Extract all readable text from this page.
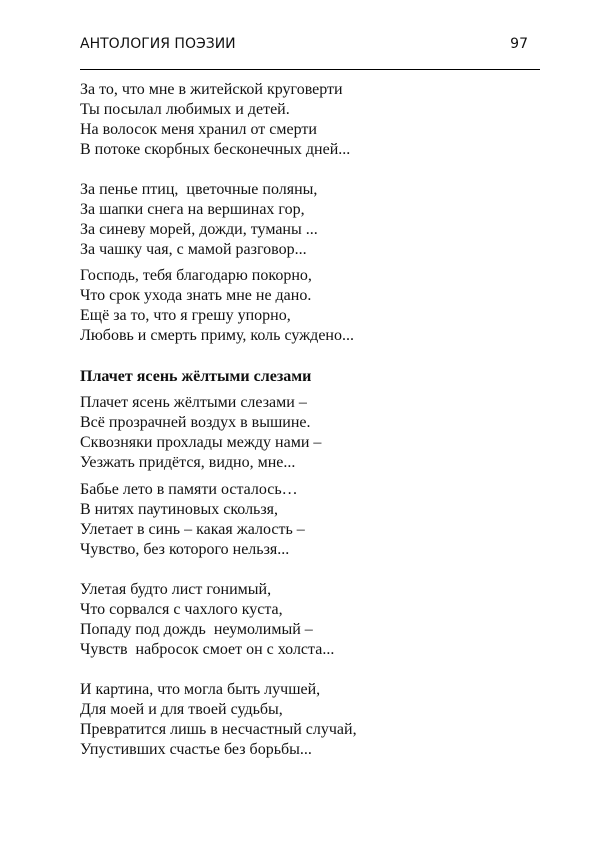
АНТОЛОГИЯ ПОЭЗИИ	97
За то, что мне в житейской круговерти
Ты посылал любимых и детей.
На волосок меня хранил от смерти
В потоке скорбных бесконечных дней...
За пенье птиц,  цветочные поляны,
За шапки снега на вершинах гор,
За синеву морей, дожди, туманы ...
За чашку чая, с мамой разговор...
Господь, тебя благодарю покорно,
Что срок ухода знать мне не дано.
Ещё за то, что я грешу упорно,
Любовь и смерть приму, коль суждено...
Плачет ясень жёлтыми слезами
Плачет ясень жёлтыми слезами –
Всё прозрачней воздух в вышине.
Сквозняки прохлады между нами –
Уезжать придётся, видно, мне...
Бабье лето в памяти осталось…
В нитях паутиновых скользя,
Улетает в синь – какая жалость –
Чувство, без которого нельзя...
Улетая будто лист гонимый,
Что сорвался с чахлого куста,
Попаду под дождь  неумолимый –
Чувств  набросок смоет он с холста...
И картина, что могла быть лучшей,
Для моей и для твоей судьбы,
Превратится лишь в несчастный случай,
Упустивших счастье без борьбы...
